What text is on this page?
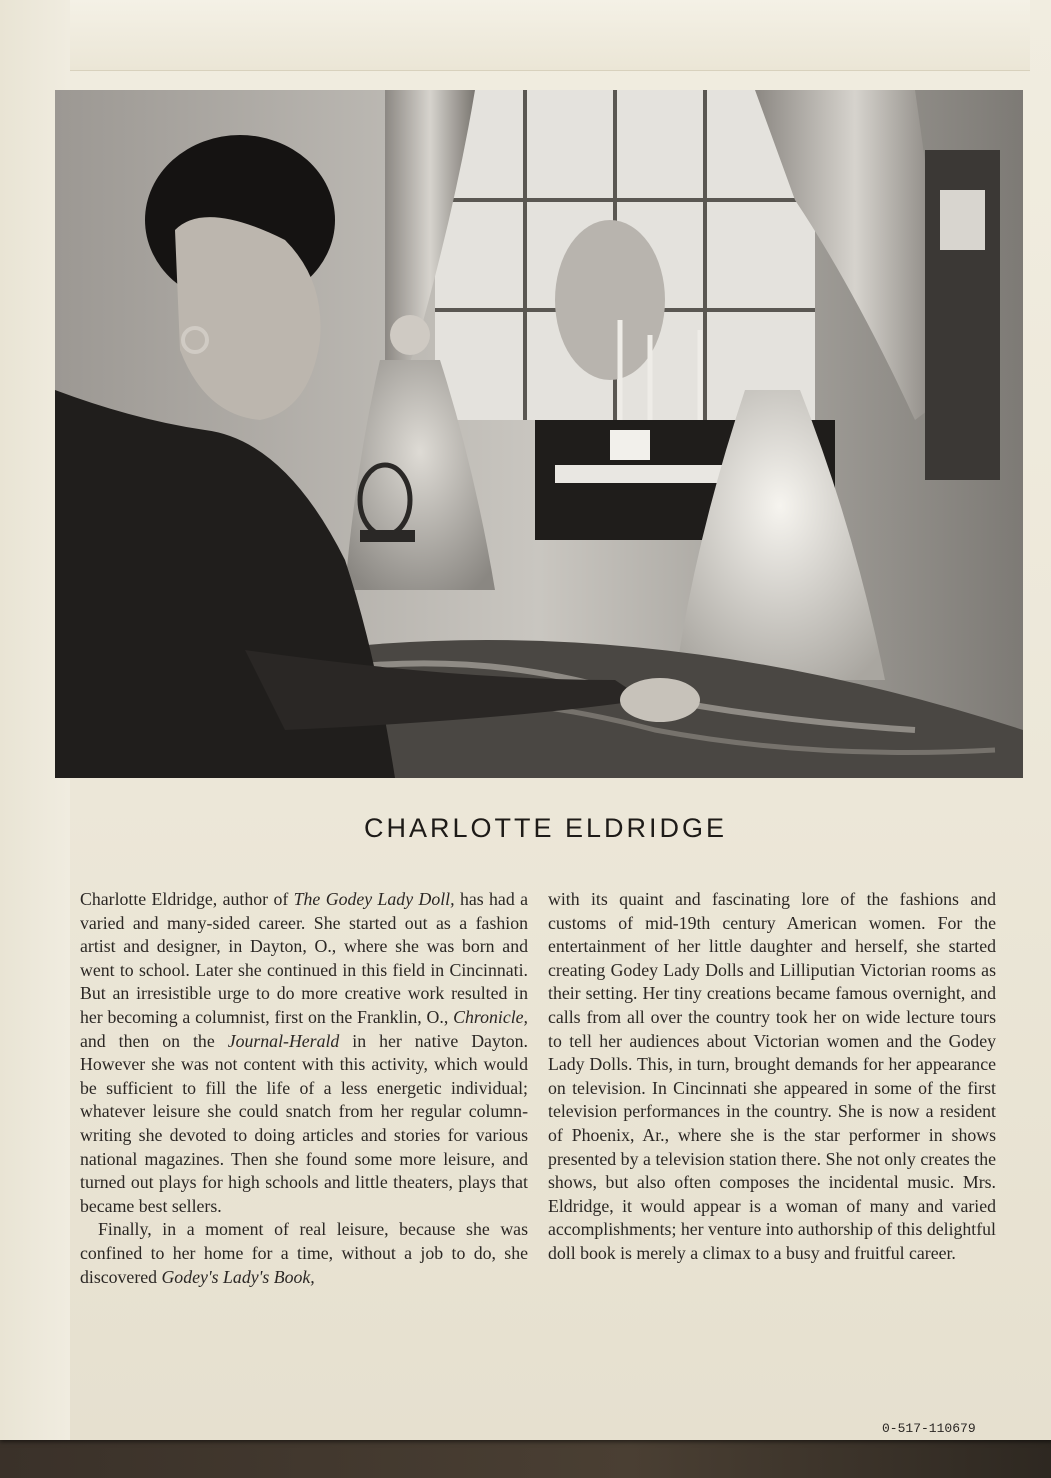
CHARLOTTE ELDRIDGE

Charlotte Eldridge, author of The Godey Lady Doll, has had a varied and many-sided career. She started out as a fashion artist and designer, in Dayton, O., where she was born and went to school. Later she continued in this field in Cincinnati. But an irresistible urge to do more creative work resulted in her becoming a columnist, first on the Franklin, O., Chronicle, and then on the Journal-Herald in her native Dayton. However she was not content with this activity, which would be sufficient to fill the life of a less energetic individual; whatever leisure she could snatch from her regular column-writing she devoted to doing articles and stories for various national magazines. Then she found some more leisure, and turned out plays for high schools and little theaters, plays that became best sellers.

Finally, in a moment of real leisure, because she was confined to her home for a time, without a job to do, she discovered Godey's Lady's Book,

with its quaint and fascinating lore of the fashions and customs of mid-19th century American women. For the entertainment of her little daughter and herself, she started creating Godey Lady Dolls and Lilliputian Victorian rooms as their setting. Her tiny creations became famous overnight, and calls from all over the country took her on wide lecture tours to tell her audiences about Victorian women and the Godey Lady Dolls. This, in turn, brought demands for her appearance on television. In Cincinnati she appeared in some of the first television performances in the country. She is now a resident of Phoenix, Ar., where she is the star performer in shows presented by a television station there. She not only creates the shows, but also often composes the incidental music. Mrs. Eldridge, it would appear is a woman of many and varied accomplishments; her venture into authorship of this delightful doll book is merely a climax to a busy and fruitful career.

0-517-110679
